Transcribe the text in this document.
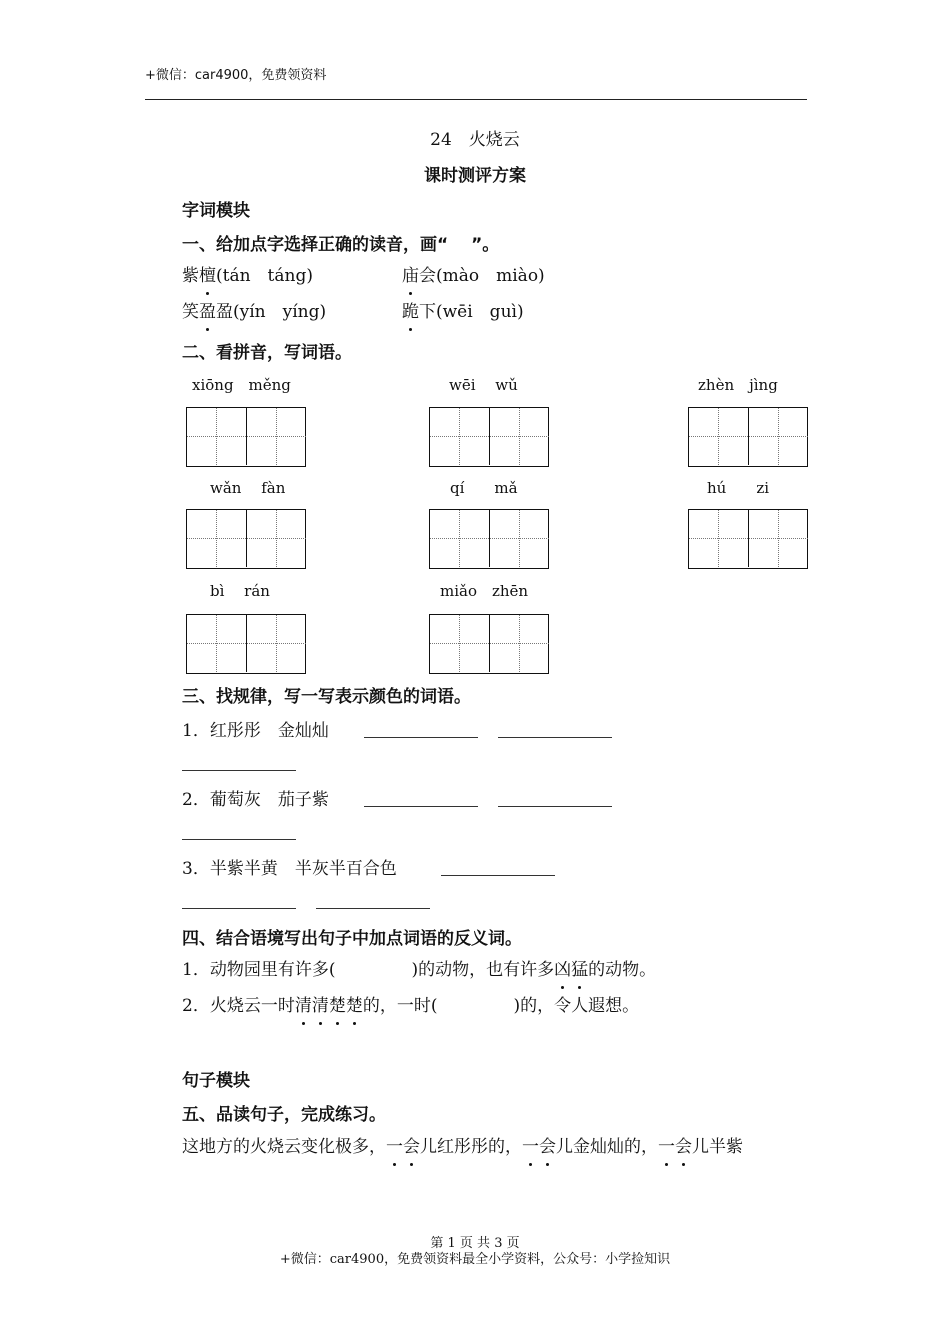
+微信：car4900，免费领资料
24　火烧云
课时测评方案
字词模块
一、给加点字选择正确的读音，画“　 ”。
紫檀(tán　táng)	庙会(mào　miào)
笑盈盈(yín　yíng)	跪下(wēi　guì)
二、看拼音，写词语。
xiōng　měng	wēi　 wǔ	zhèn　jìng
wǎn　 fàn	qí　　mǎ	hú　　zi
bì　 rán	miǎo　zhēn
三、找规律，写一写表示颜色的词语。
1．红彤彤　金灿灿
2．葡萄灰　茄子紫
3．半紫半黄　半灰半百合色
四、结合语境写出句子中加点词语的反义词。
1．动物园里有许多(	)的动物，也有许多凶猛的动物。
2．火烧云一时清清楚楚的，一时(	)的，令人遐想。
句子模块
五、品读句子，完成练习。
这地方的火烧云变化极多，一会儿红彤彤的，一会儿金灿灿的，一会儿半紫
第 1 页 共 3 页
+微信：car4900，免费领资料最全小学资料，公众号：小学捡知识
